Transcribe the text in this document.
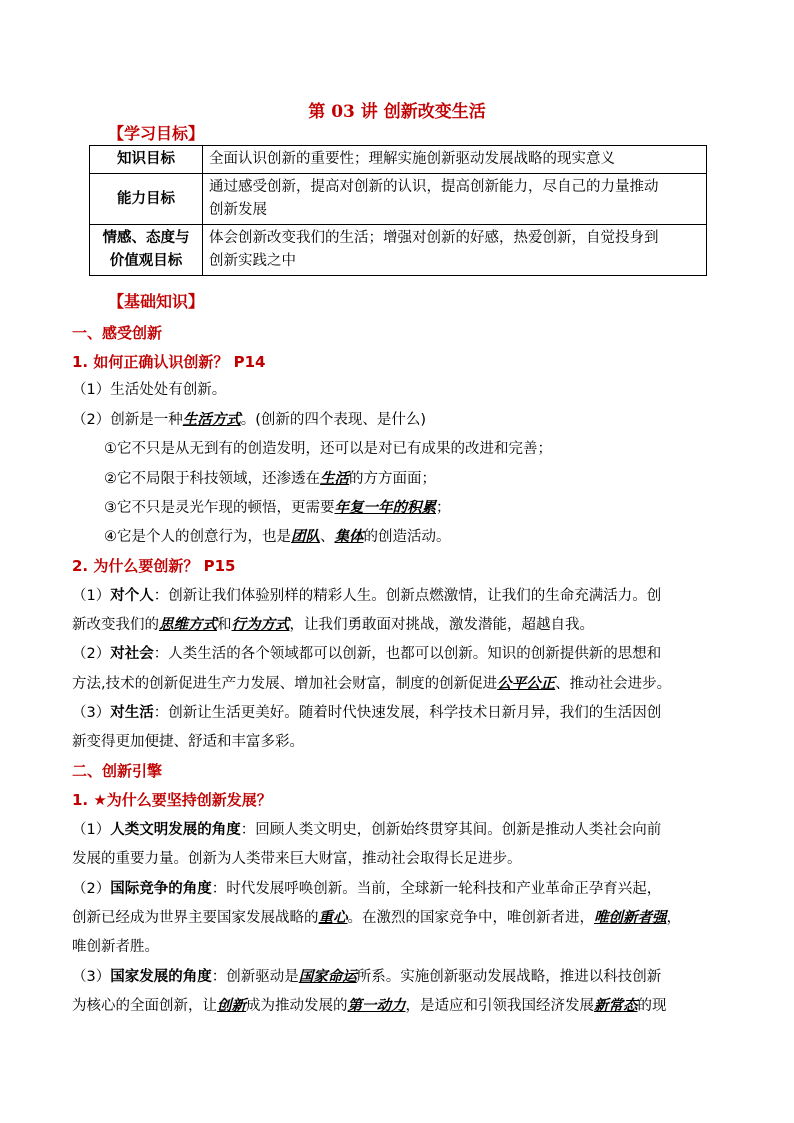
第 03 讲 创新改变生活
【学习目标】
知识目标	全面认识创新的重要性；理解实施创新驱动发展战略的现实意义
能力目标	通过感受创新，提高对创新的认识，提高创新能力，尽自己的力量推动
创新发展
情感、态度与
价值观目标	体会创新改变我们的生活；增强对创新的好感，热爱创新，自觉投身到
创新实践之中
【基础知识】
一、感受创新
1. 如何正确认识创新？ P14
（1）生活处处有创新。
（2）创新是一种生活方式。(创新的四个表现、是什么)
①它不只是从无到有的创造发明，还可以是对已有成果的改进和完善；
②它不局限于科技领域，还渗透在生活的方方面面；
③它不只是灵光乍现的顿悟，更需要年复一年的积累；
④它是个人的创意行为，也是团队、集体的创造活动。
2. 为什么要创新？ P15
（1）对个人：创新让我们体验别样的精彩人生。创新点燃激情，让我们的生命充满活力。创
新改变我们的思维方式和行为方式，让我们勇敢面对挑战，激发潜能，超越自我。
（2）对社会：人类生活的各个领域都可以创新，也都可以创新。知识的创新提供新的思想和
方法,技术的创新促进生产力发展、增加社会财富，制度的创新促进公平公正、推动社会进步。
（3）对生活：创新让生活更美好。随着时代快速发展，科学技术日新月异，我们的生活因创
新变得更加便捷、舒适和丰富多彩。
二、创新引擎
1. ★为什么要坚持创新发展？
（1）人类文明发展的角度：回顾人类文明史，创新始终贯穿其间。创新是推动人类社会向前
发展的重要力量。创新为人类带来巨大财富，推动社会取得长足进步。
（2）国际竞争的角度：时代发展呼唤创新。当前，全球新一轮科技和产业革命正孕育兴起，
创新已经成为世界主要国家发展战略的重心。在激烈的国家竞争中，唯创新者进，唯创新者强，
唯创新者胜。
（3）国家发展的角度：创新驱动是国家命运所系。实施创新驱动发展战略，推进以科技创新
为核心的全面创新，让创新成为推动发展的第一动力，是适应和引领我国经济发展新常态的现
